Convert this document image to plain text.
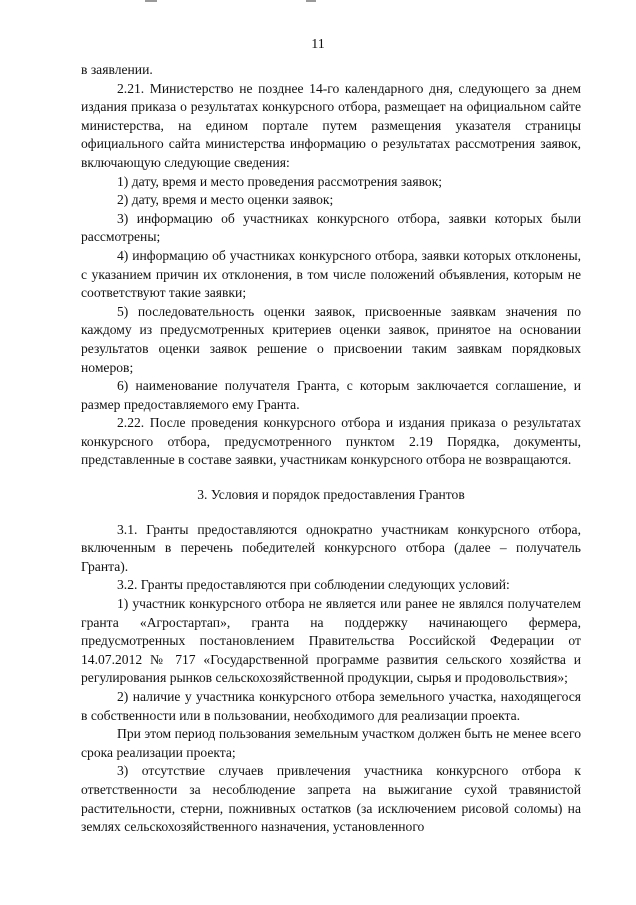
11

в заявлении.

2.21. Министерство не позднее 14-го календарного дня, следующего за днем издания приказа о результатах конкурсного отбора, размещает на официальном сайте министерства, на едином портале путем размещения указателя страницы официального сайта министерства информацию о результатах рассмотрения заявок, включающую следующие сведения:

1) дату, время и место проведения рассмотрения заявок;

2) дату, время и место оценки заявок;

3) информацию об участниках конкурсного отбора, заявки которых были рассмотрены;

4) информацию об участниках конкурсного отбора, заявки которых отклонены, с указанием причин их отклонения, в том числе положений объявления, которым не соответствуют такие заявки;

5) последовательность оценки заявок, присвоенные заявкам значения по каждому из предусмотренных критериев оценки заявок, принятое на основании результатов оценки заявок решение о присвоении таким заявкам порядковых номеров;

6) наименование получателя Гранта, с которым заключается соглашение, и размер предоставляемого ему Гранта.

2.22. После проведения конкурсного отбора и издания приказа о результатах конкурсного отбора, предусмотренного пунктом 2.19 Порядка, документы, представленные в составе заявки, участникам конкурсного отбора не возвращаются.

3. Условия и порядок предоставления Грантов

3.1. Гранты предоставляются однократно участникам конкурсного отбора, включенным в перечень победителей конкурсного отбора (далее – получатель Гранта).

3.2. Гранты предоставляются при соблюдении следующих условий:

1) участник конкурсного отбора не является или ранее не являлся получателем гранта «Агростартап», гранта на поддержку начинающего фермера, предусмотренных постановлением Правительства Российской Федерации от 14.07.2012 № 717 «Государственной программе развития сельского хозяйства и регулирования рынков сельскохозяйственной продукции, сырья и продовольствия»;

2) наличие у участника конкурсного отбора земельного участка, находящегося в собственности или в пользовании, необходимого для реализации проекта.

При этом период пользования земельным участком должен быть не менее всего срока реализации проекта;

3) отсутствие случаев привлечения участника конкурсного отбора к ответственности за несоблюдение запрета на выжигание сухой травянистой растительности, стерни, пожнивных остатков (за исключением рисовой соломы) на землях сельскохозяйственного назначения, установленного
